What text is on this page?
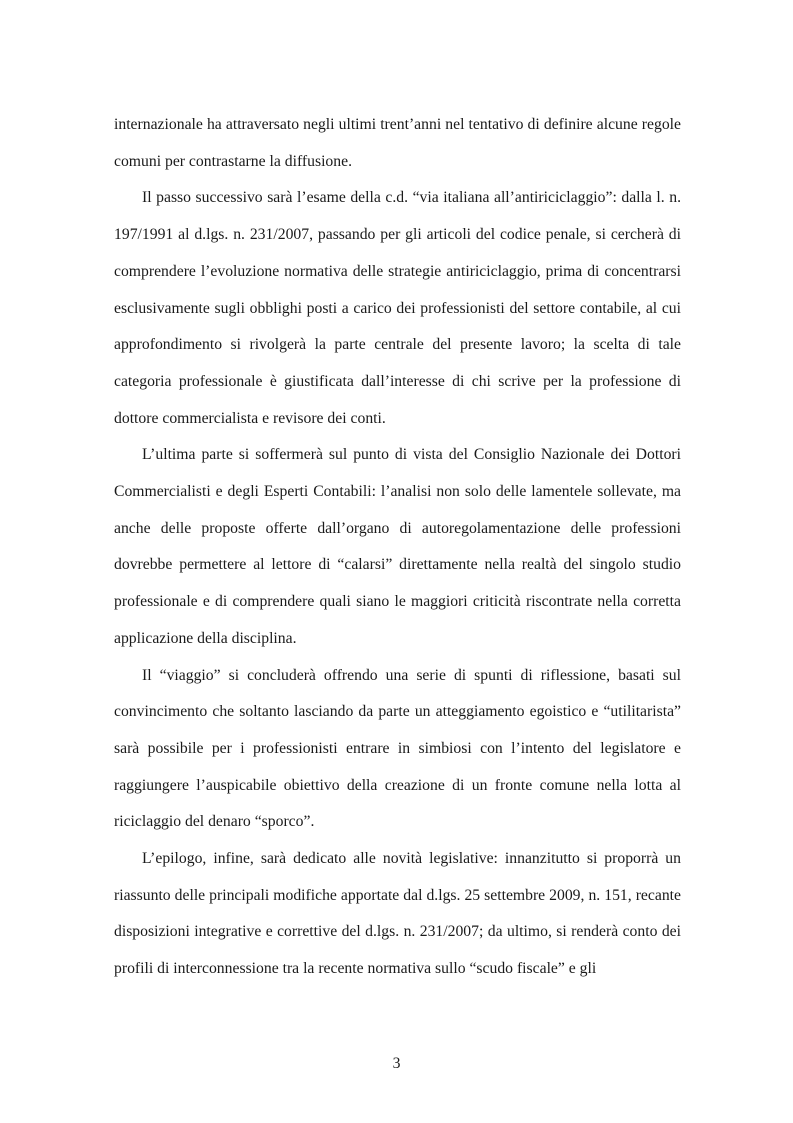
internazionale ha attraversato negli ultimi trent’anni nel tentativo di definire alcune regole comuni per contrastarne la diffusione.

Il passo successivo sarà l’esame della c.d. “via italiana all’antiriciclaggio”: dalla l. n. 197/1991 al d.lgs. n. 231/2007, passando per gli articoli del codice penale, si cercherà di comprendere l’evoluzione normativa delle strategie antiriciclaggio, prima di concentrarsi esclusivamente sugli obblighi posti a carico dei professionisti del settore contabile, al cui approfondimento si rivolgerà la parte centrale del presente lavoro; la scelta di tale categoria professionale è giustificata dall’interesse di chi scrive per la professione di dottore commercialista e revisore dei conti.

L’ultima parte si soffermerà sul punto di vista del Consiglio Nazionale dei Dottori Commercialisti e degli Esperti Contabili: l’analisi non solo delle lamentele sollevate, ma anche delle proposte offerte dall’organo di autoregolamentazione delle professioni dovrebbe permettere al lettore di “calarsi” direttamente nella realtà del singolo studio professionale e di comprendere quali siano le maggiori criticità riscontrate nella corretta applicazione della disciplina.

Il “viaggio” si concluderà offrendo una serie di spunti di riflessione, basati sul convincimento che soltanto lasciando da parte un atteggiamento egoistico e “utilitarista” sarà possibile per i professionisti entrare in simbiosi con l’intento del legislatore e raggiungere l’auspicabile obiettivo della creazione di un fronte comune nella lotta al riciclaggio del denaro “sporco”.

L’epilogo, infine, sarà dedicato alle novità legislative: innanzitutto si proporrà un riassunto delle principali modifiche apportate dal d.lgs. 25 settembre 2009, n. 151, recante disposizioni integrative e correttive del d.lgs. n. 231/2007; da ultimo, si renderà conto dei profili di interconnessione tra la recente normativa sullo “scudo fiscale” e gli

3
